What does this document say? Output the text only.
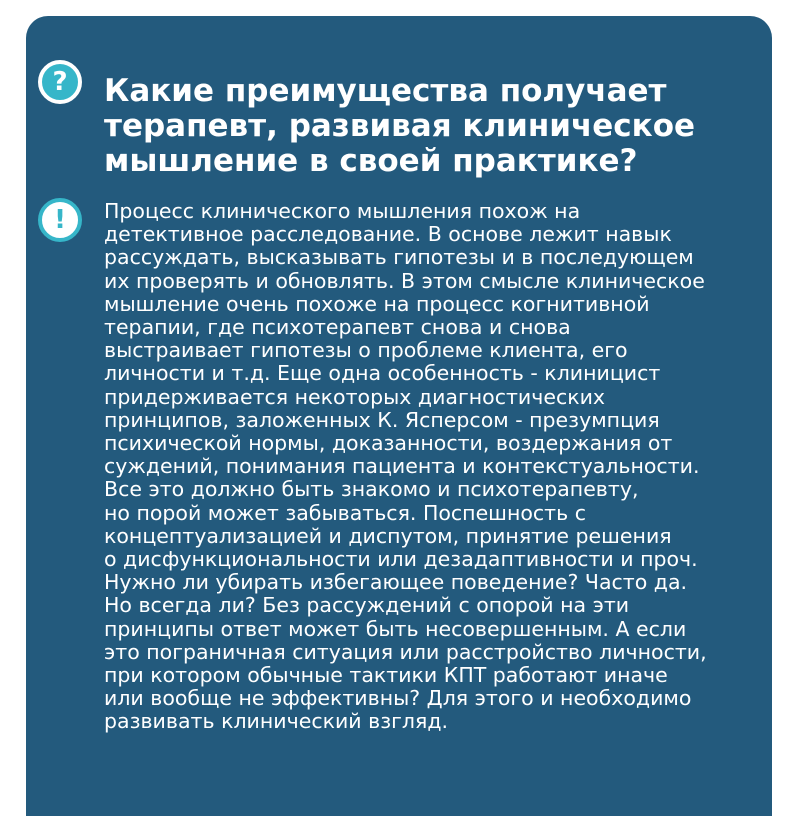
?	Какие преимущества получает
терапевт, развивая клиническое
мышление в своей практике?
!	Процесс клинического мышления похож на
детективное расследование. В основе лежит навык
рассуждать, высказывать гипотезы и в последующем
их проверять и обновлять. В этом смысле клиническое
мышление очень похоже на процесс когнитивной
терапии, где психотерапевт снова и снова
выстраивает гипотезы о проблеме клиента, его
личности и т.д. Еще одна особенность - клиницист
придерживается некоторых диагностических
принципов, заложенных К. Ясперсом - презумпция
психической нормы, доказанности, воздержания от
суждений, понимания пациента и контекстуальности.
Все это должно быть знакомо и психотерапевту,
но порой может забываться. Поспешность с
концептуализацией и диспутом, принятие решения
о дисфункциональности или дезадаптивности и проч.
Нужно ли убирать избегающее поведение? Часто да.
Но всегда ли? Без рассуждений с опорой на эти
принципы ответ может быть несовершенным. А если
это пограничная ситуация или расстройство личности,
при котором обычные тактики КПТ работают иначе
или вообще не эффективны? Для этого и необходимо
развивать клинический взгляд.
